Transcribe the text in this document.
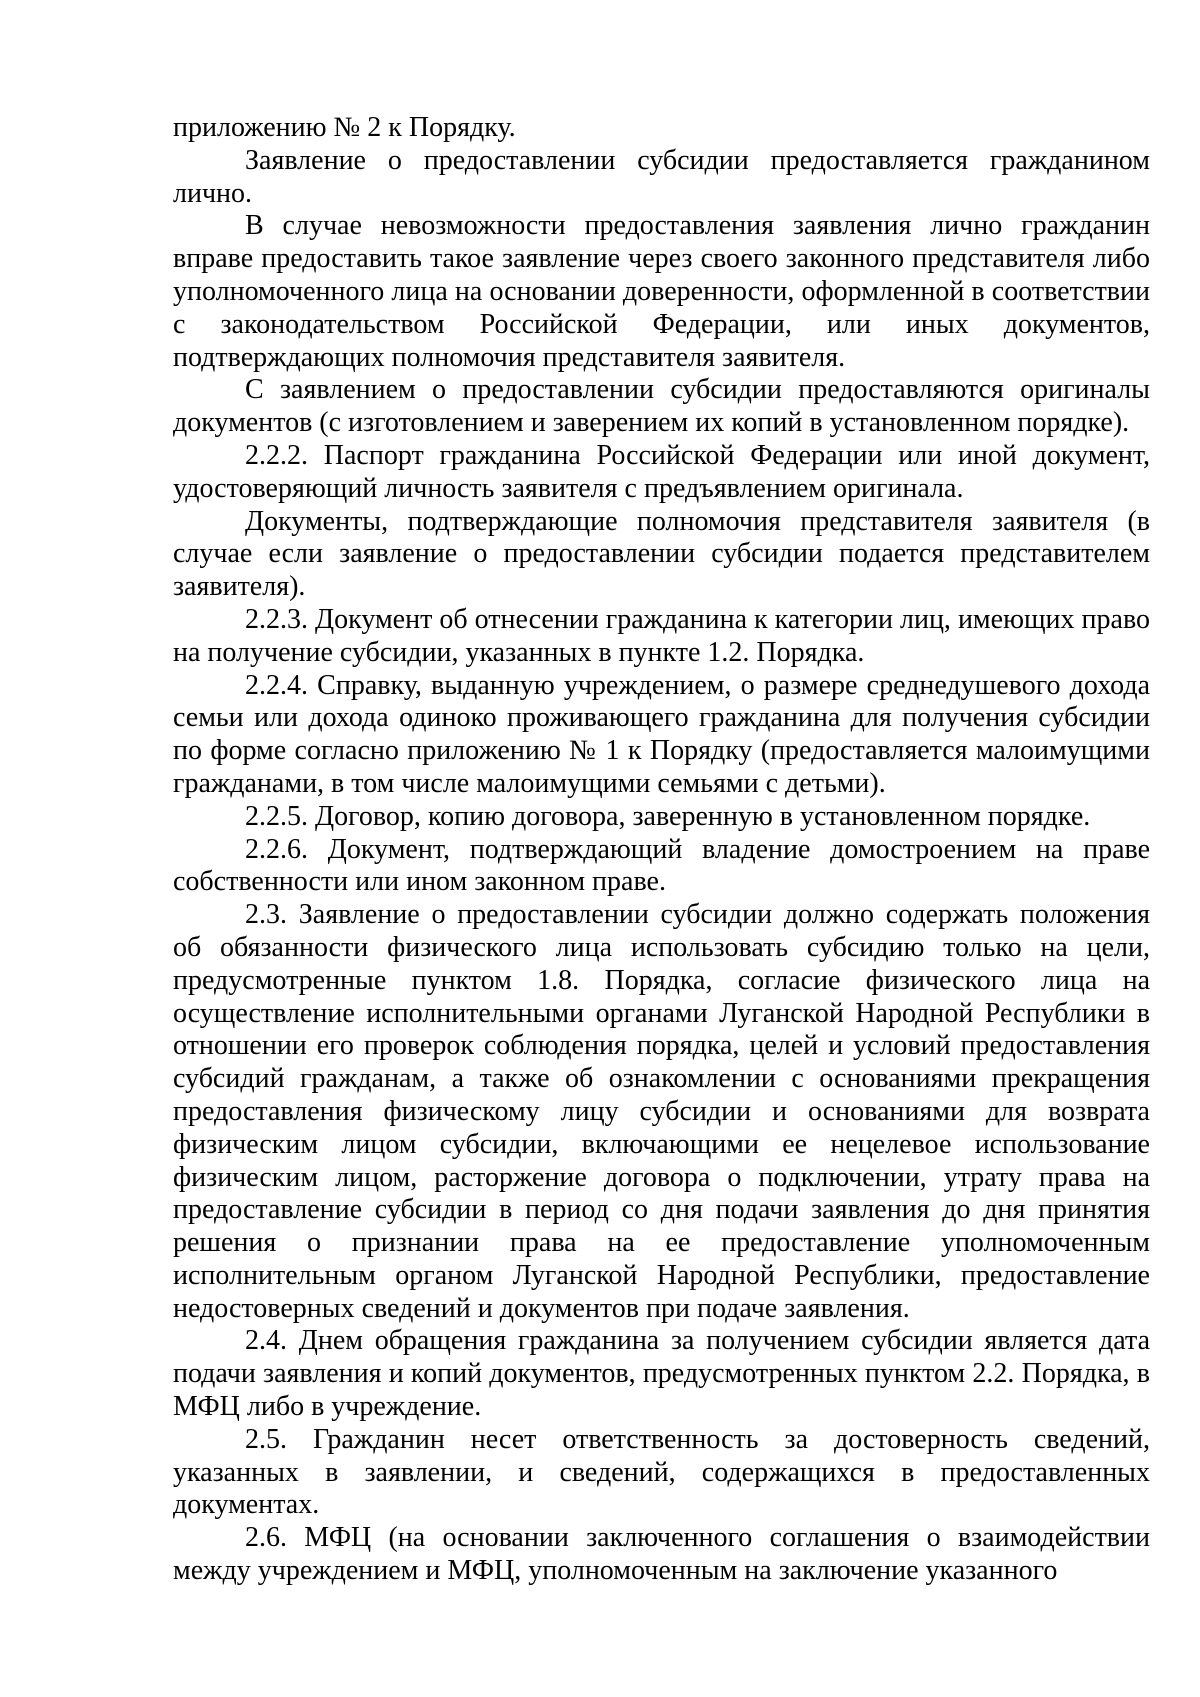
приложению № 2 к Порядку.

Заявление о предоставлении субсидии предоставляется гражданином лично.

В случае невозможности предоставления заявления лично гражданин вправе предоставить такое заявление через своего законного представителя либо уполномоченного лица на основании доверенности, оформленной в соответствии с законодательством Российской Федерации, или иных документов, подтверждающих полномочия представителя заявителя.

С заявлением о предоставлении субсидии предоставляются оригиналы документов (с изготовлением и заверением их копий в установленном порядке).

2.2.2. Паспорт гражданина Российской Федерации или иной документ, удостоверяющий личность заявителя с предъявлением оригинала.

Документы, подтверждающие полномочия представителя заявителя (в случае если заявление о предоставлении субсидии подается представителем заявителя).

2.2.3. Документ об отнесении гражданина к категории лиц, имеющих право на получение субсидии, указанных в пункте 1.2. Порядка.

2.2.4. Справку, выданную учреждением, о размере среднедушевого дохода семьи или дохода одиноко проживающего гражданина для получения субсидии по форме согласно приложению № 1 к Порядку (предоставляется малоимущими гражданами, в том числе малоимущими семьями с детьми).

2.2.5. Договор, копию договора, заверенную в установленном порядке.

2.2.6. Документ, подтверждающий владение домостроением на праве собственности или ином законном праве.

2.3. Заявление о предоставлении субсидии должно содержать положения об обязанности физического лица использовать субсидию только на цели, предусмотренные пунктом 1.8. Порядка, согласие физического лица на осуществление исполнительными органами Луганской Народной Республики в отношении его проверок соблюдения порядка, целей и условий предоставления субсидий гражданам, а также об ознакомлении с основаниями прекращения предоставления физическому лицу субсидии и основаниями для возврата физическим лицом субсидии, включающими ее нецелевое использование физическим лицом, расторжение договора о подключении, утрату права на предоставление субсидии в период со дня подачи заявления до дня принятия решения о признании права на ее предоставление уполномоченным исполнительным органом Луганской Народной Республики, предоставление недостоверных сведений и документов при подаче заявления.

2.4. Днем обращения гражданина за получением субсидии является дата подачи заявления и копий документов, предусмотренных пунктом 2.2. Порядка, в МФЦ либо в учреждение.

2.5. Гражданин несет ответственность за достоверность сведений, указанных в заявлении, и сведений, содержащихся в предоставленных документах.

2.6. МФЦ (на основании заключенного соглашения о взаимодействии между учреждением и МФЦ, уполномоченным на заключение указанного
